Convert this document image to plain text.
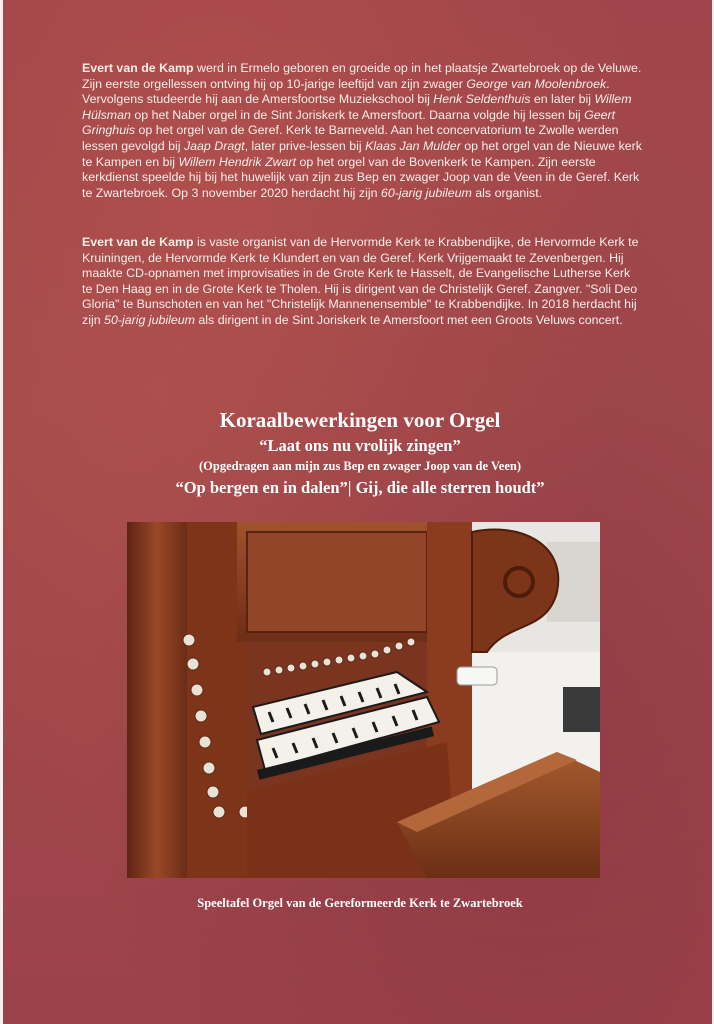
Evert van de Kamp werd in Ermelo geboren en groeide op in het plaatsje Zwartebroek op de Veluwe. Zijn eerste orgellessen ontving hij op 10-jarige leeftijd van zijn zwager George van Moolenbroek. Vervolgens studeerde hij aan de Amersfoortse Muziekschool bij Henk Seldenthuis en later bij Willem Hülsman op het Naber orgel in de Sint Joriskerk te Amersfoort. Daarna volgde hij lessen bij Geert Gringhuis op het orgel van de Geref. Kerk te Barneveld. Aan het concervatorium te Zwolle werden lessen gevolgd bij Jaap Dragt, later prive-lessen bij Klaas Jan Mulder op het orgel van de Nieuwe kerk te Kampen en bij Willem Hendrik Zwart op het orgel van de Bovenkerk te Kampen. Zijn eerste kerkdienst speelde hij bij het huwelijk van zijn zus Bep en zwager Joop van de Veen in de Geref. Kerk te Zwartebroek. Op 3 november 2020 herdacht hij zijn 60-jarig jubileum als organist.

Evert van de Kamp is vaste organist van de Hervormde Kerk te Krabbendijke, de Hervormde Kerk te Kruiningen, de Hervormde Kerk te Klundert en van de Geref. Kerk Vrijgemaakt te Zevenbergen. Hij maakte CD-opnamen met improvisaties in de Grote Kerk te Hasselt, de Evangelische Lutherse Kerk te Den Haag en in de Grote Kerk te Tholen. Hij is dirigent van de Christelijk Geref. Zangver. "Soli Deo Gloria" te Bunschoten en van het "Christelijk Mannenensemble" te Krabbendijke. In 2018 herdacht hij zijn 50-jarig jubileum als dirigent in de Sint Joriskerk te Amersfoort met een Groots Veluws concert.

Koraalbewerkingen voor Orgel
“Laat ons nu vrolijk zingen”
(Opgedragen aan mijn zus Bep en zwager Joop van de Veen)
“Op bergen en in dalen”| Gij, die alle sterren houdt”

Speeltafel Orgel van de Gereformeerde Kerk te Zwartebroek
